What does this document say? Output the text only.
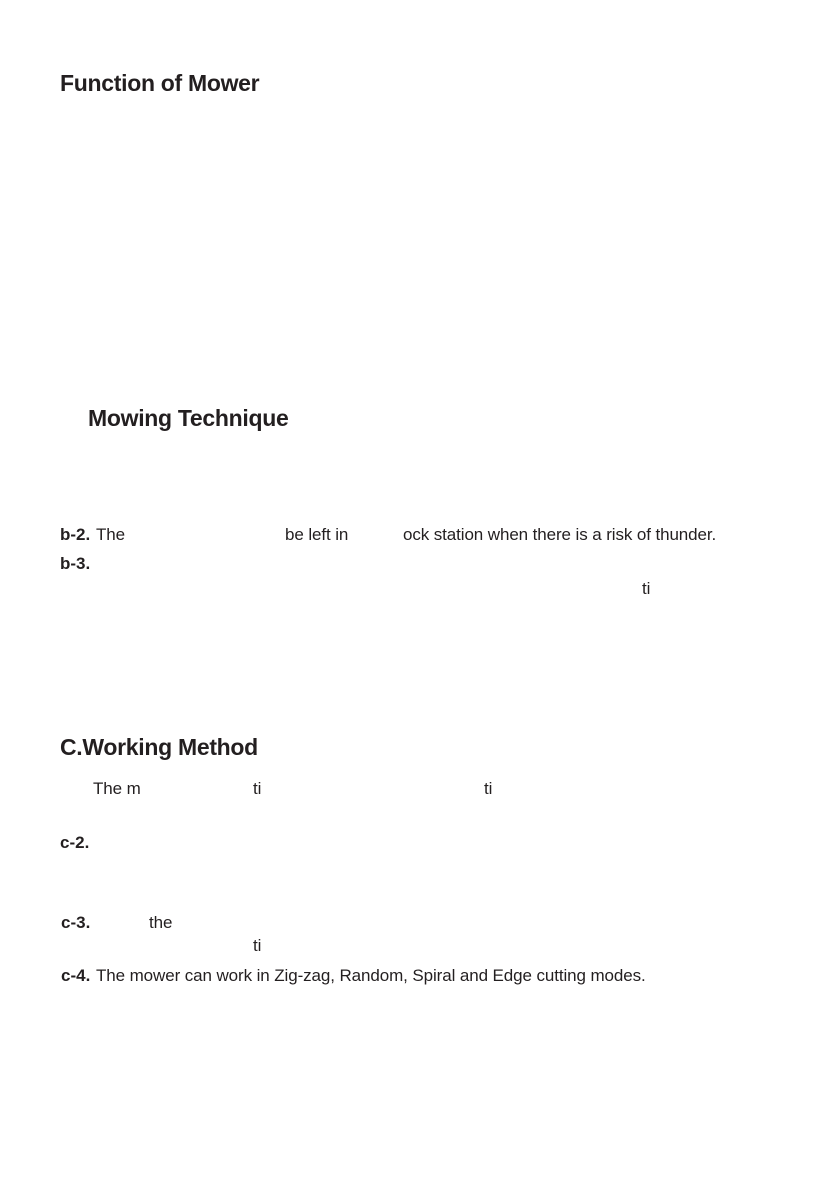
Function of Mower
Mowing Technique
b-2. The	be left in	ock station when there is a risk of thunder.
b-3.
ti
C.Working Method
The m	ti	ti
c-2.
c-3.	the
ti
c-4. The mower can work in Zig-zag, Random, Spiral and Edge cutting modes.
